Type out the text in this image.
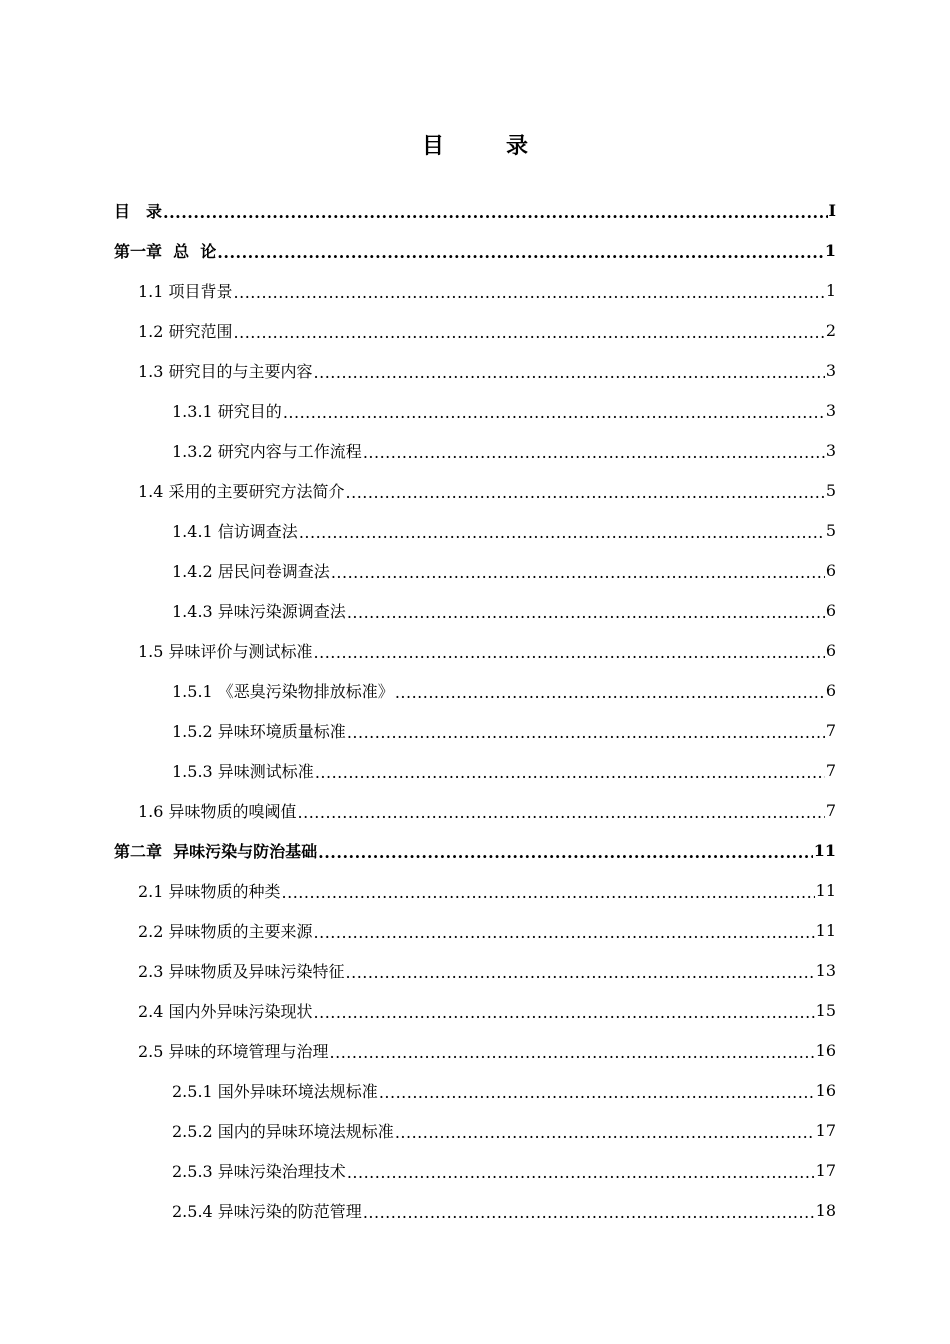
目　录
目　录 .....	I
第一章  总  论 .....	1
1.1 项目背景 .....	1
1.2 研究范围 .....	2
1.3 研究目的与主要内容 .....	3
1.3.1 研究目的 .....	3
1.3.2 研究内容与工作流程 .....	3
1.4 采用的主要研究方法简介 .....	5
1.4.1 信访调查法 .....	5
1.4.2 居民问卷调查法 .....	6
1.4.3 异味污染源调查法 .....	6
1.5 异味评价与测试标准 .....	6
1.5.1 《恶臭污染物排放标准》 .....	6
1.5.2 异味环境质量标准 .....	7
1.5.3 异味测试标准 .....	7
1.6 异味物质的嗅阈值 .....	7
第二章  异味污染与防治基础 .....	11
2.1 异味物质的种类 .....	11
2.2 异味物质的主要来源 .....	11
2.3 异味物质及异味污染特征 .....	13
2.4 国内外异味污染现状 .....	15
2.5 异味的环境管理与治理 .....	16
2.5.1 国外异味环境法规标准 .....	16
2.5.2 国内的异味环境法规标准 .....	17
2.5.3 异味污染治理技术 .....	17
2.5.4 异味污染的防范管理 .....	18
